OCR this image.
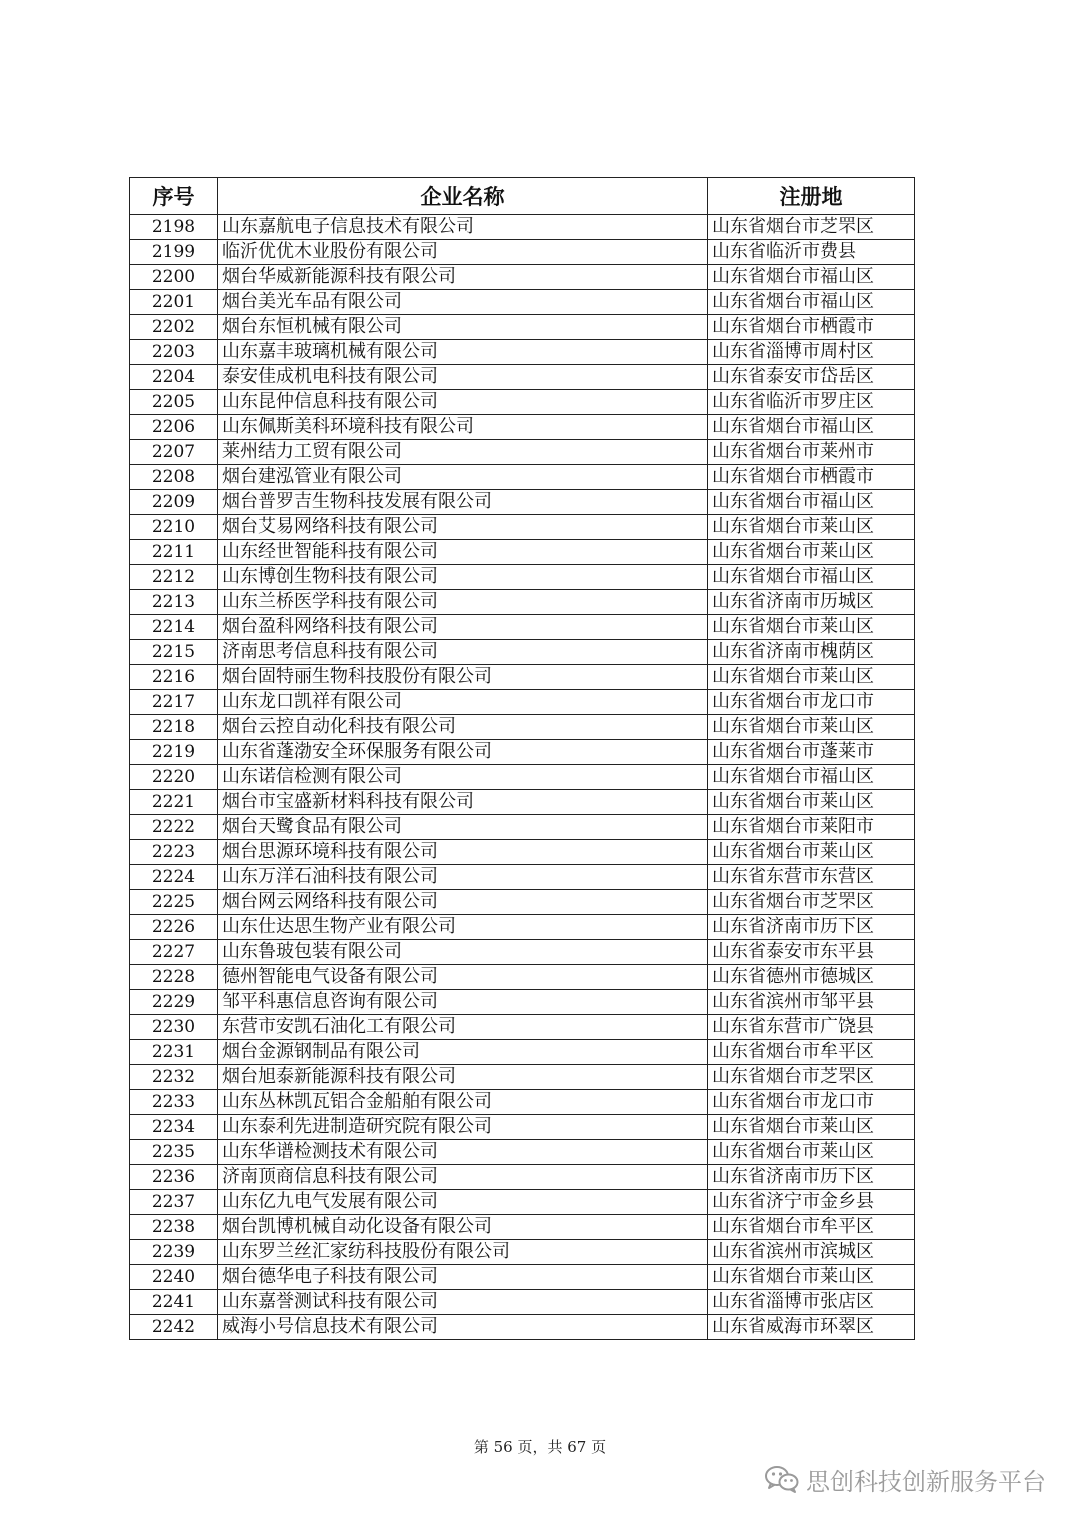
序号	企业名称	注册地
2198	山东嘉航电子信息技术有限公司	山东省烟台市芝罘区
2199	临沂优优木业股份有限公司	山东省临沂市费县
2200	烟台华威新能源科技有限公司	山东省烟台市福山区
2201	烟台美光车品有限公司	山东省烟台市福山区
2202	烟台东恒机械有限公司	山东省烟台市栖霞市
2203	山东嘉丰玻璃机械有限公司	山东省淄博市周村区
2204	泰安佳成机电科技有限公司	山东省泰安市岱岳区
2205	山东昆仲信息科技有限公司	山东省临沂市罗庄区
2206	山东佩斯美科环境科技有限公司	山东省烟台市福山区
2207	莱州结力工贸有限公司	山东省烟台市莱州市
2208	烟台建泓管业有限公司	山东省烟台市栖霞市
2209	烟台普罗吉生物科技发展有限公司	山东省烟台市福山区
2210	烟台艾易网络科技有限公司	山东省烟台市莱山区
2211	山东经世智能科技有限公司	山东省烟台市莱山区
2212	山东博创生物科技有限公司	山东省烟台市福山区
2213	山东兰桥医学科技有限公司	山东省济南市历城区
2214	烟台盈科网络科技有限公司	山东省烟台市莱山区
2215	济南思考信息科技有限公司	山东省济南市槐荫区
2216	烟台固特丽生物科技股份有限公司	山东省烟台市莱山区
2217	山东龙口凯祥有限公司	山东省烟台市龙口市
2218	烟台云控自动化科技有限公司	山东省烟台市莱山区
2219	山东省蓬渤安全环保服务有限公司	山东省烟台市蓬莱市
2220	山东诺信检测有限公司	山东省烟台市福山区
2221	烟台市宝盛新材料科技有限公司	山东省烟台市莱山区
2222	烟台天鹭食品有限公司	山东省烟台市莱阳市
2223	烟台思源环境科技有限公司	山东省烟台市莱山区
2224	山东万洋石油科技有限公司	山东省东营市东营区
2225	烟台网云网络科技有限公司	山东省烟台市芝罘区
2226	山东仕达思生物产业有限公司	山东省济南市历下区
2227	山东鲁玻包装有限公司	山东省泰安市东平县
2228	德州智能电气设备有限公司	山东省德州市德城区
2229	邹平科惠信息咨询有限公司	山东省滨州市邹平县
2230	东营市安凯石油化工有限公司	山东省东营市广饶县
2231	烟台金源钢制品有限公司	山东省烟台市牟平区
2232	烟台旭泰新能源科技有限公司	山东省烟台市芝罘区
2233	山东丛林凯瓦铝合金船舶有限公司	山东省烟台市龙口市
2234	山东泰利先进制造研究院有限公司	山东省烟台市莱山区
2235	山东华谱检测技术有限公司	山东省烟台市莱山区
2236	济南顶商信息科技有限公司	山东省济南市历下区
2237	山东亿九电气发展有限公司	山东省济宁市金乡县
2238	烟台凯博机械自动化设备有限公司	山东省烟台市牟平区
2239	山东罗兰丝汇家纺科技股份有限公司	山东省滨州市滨城区
2240	烟台德华电子科技有限公司	山东省烟台市莱山区
2241	山东嘉誉测试科技有限公司	山东省淄博市张店区
2242	威海小号信息技术有限公司	山东省威海市环翠区
第 56 页，共 67 页
思创科技创新服务平台
